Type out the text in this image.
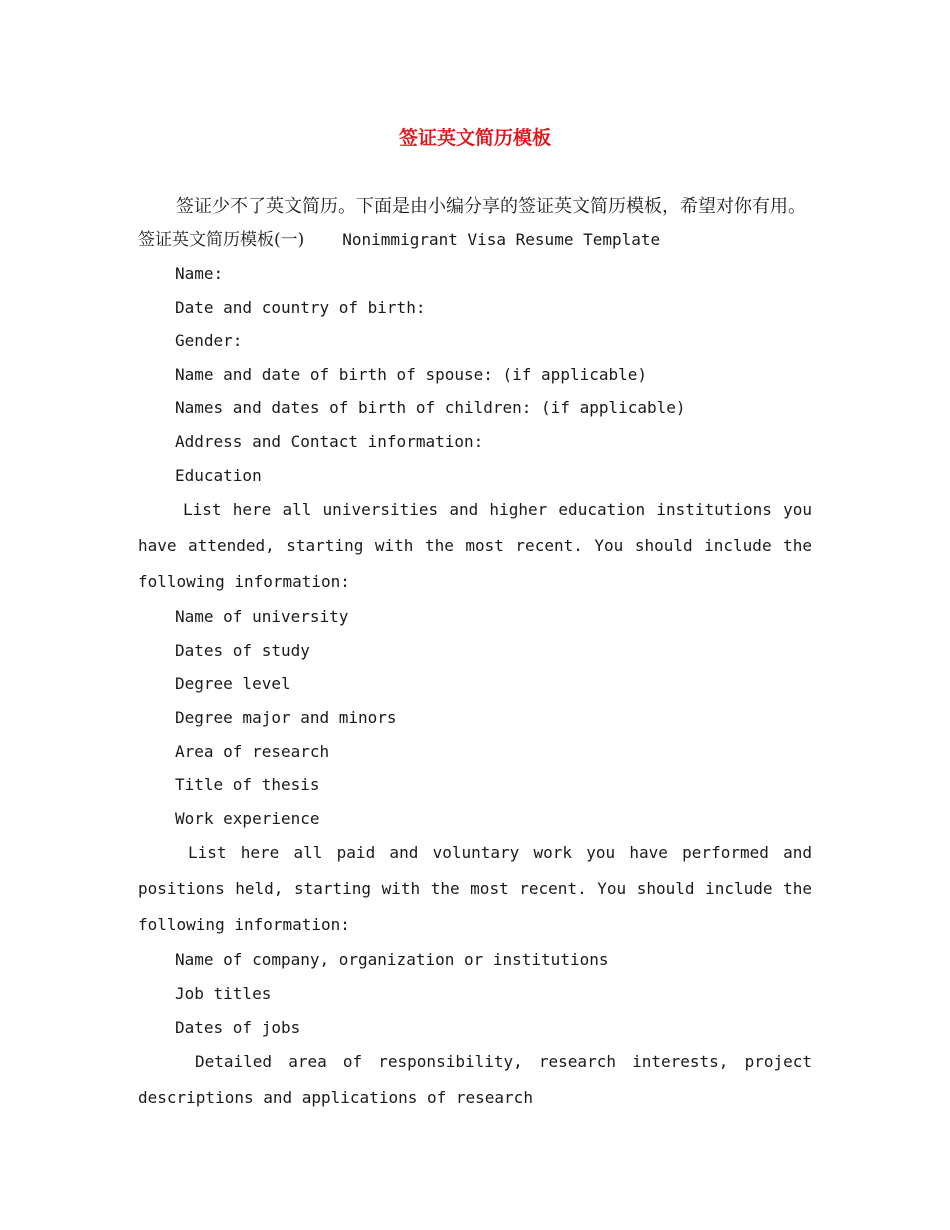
签证英文简历模板

签证少不了英文简历。下面是由小编分享的签证英文简历模板，希望对你有用。

签证英文简历模板(一) Nonimmigrant Visa Resume Template

Name:

Date and country of birth:

Gender:

Name and date of birth of spouse: (if applicable)

Names and dates of birth of children: (if applicable)

Address and Contact information:

Education

List here all universities and higher education institutions you have attended, starting with the most recent. You should include the following information:

Name of university

Dates of study

Degree level

Degree major and minors

Area of research

Title of thesis

Work experience

List here all paid and voluntary work you have performed and positions held, starting with the most recent. You should include the following information:

Name of company, organization or institutions

Job titles

Dates of jobs

Detailed area of responsibility, research interests, project descriptions and applications of research
